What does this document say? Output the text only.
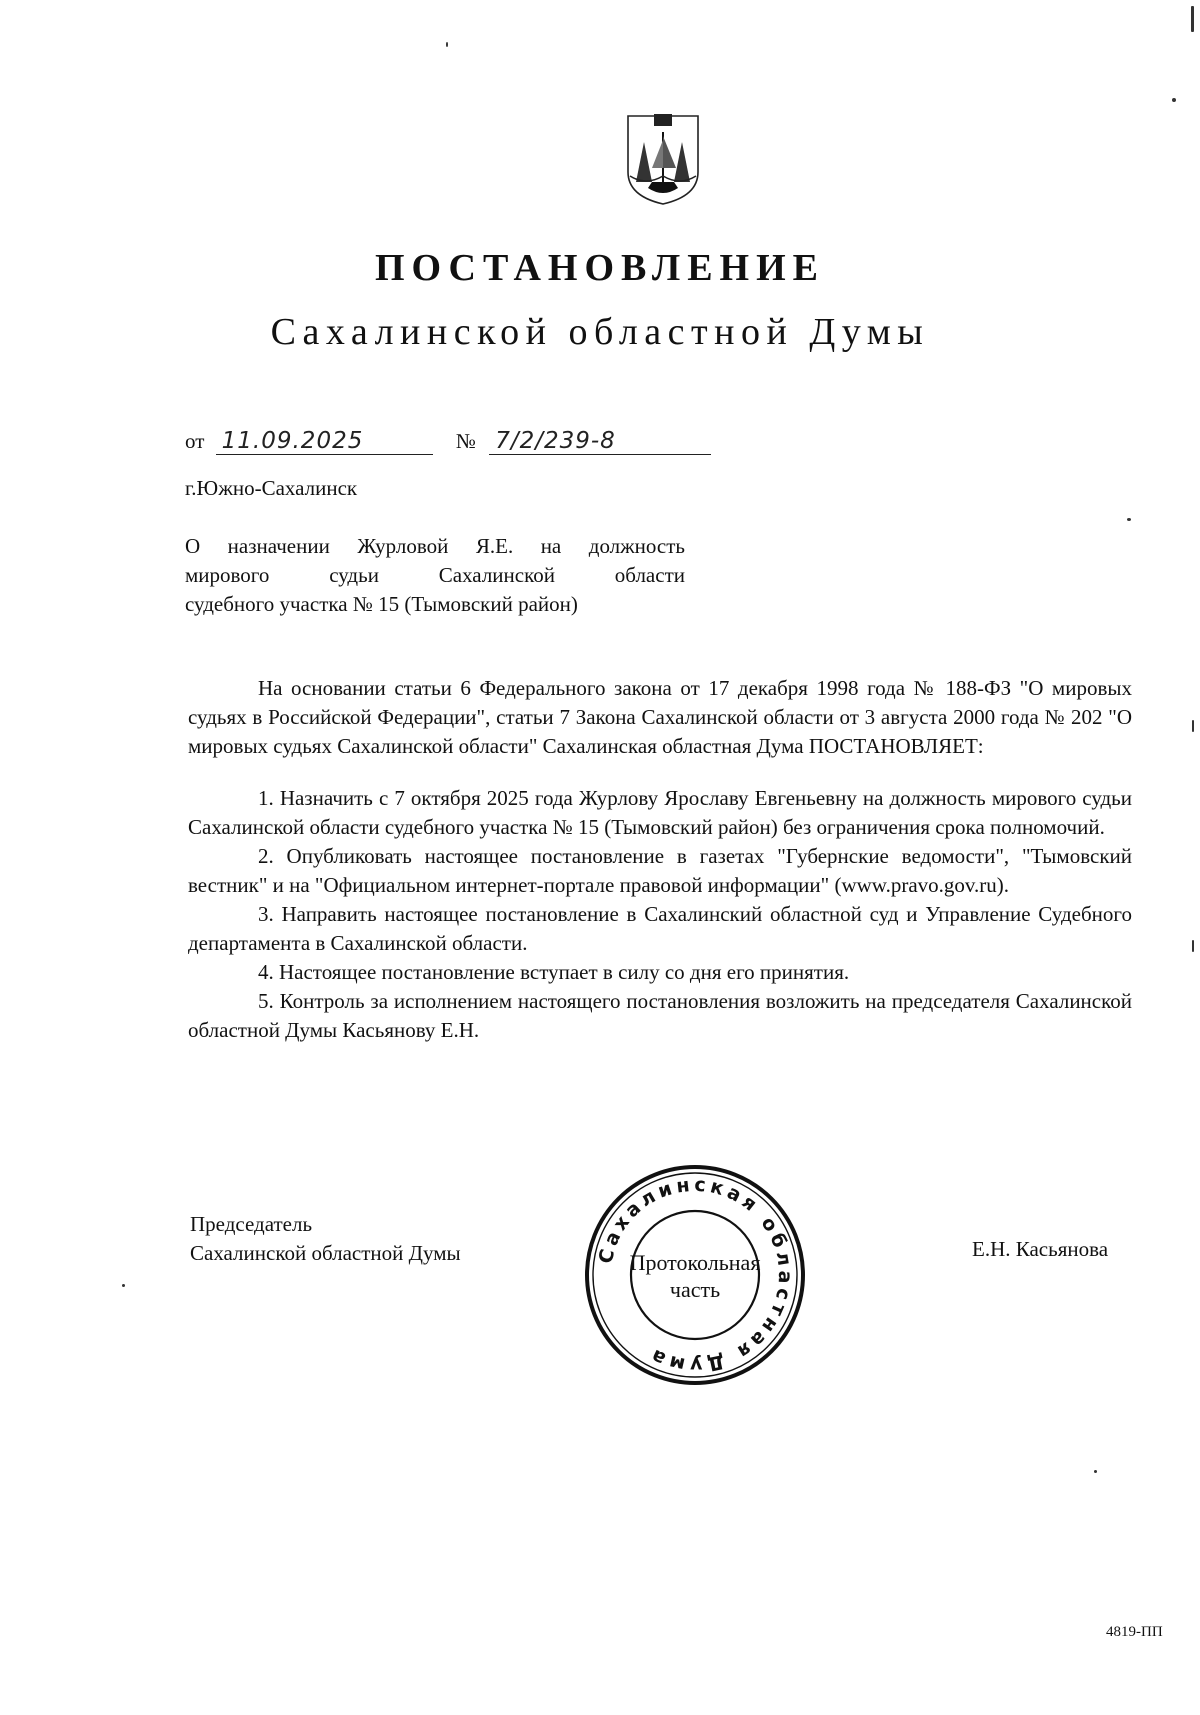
ПОСТАНОВЛЕНИЕ
Сахалинской областной Думы
от 11.09.2025	№ 7/2/239-8
г.Южно-Сахалинск
О назначении Журловой Я.Е. на должность
мирового судьи Сахалинской области
судебного участка № 15 (Тымовский район)

На основании статьи 6 Федерального закона от 17 декабря 1998 года № 188-ФЗ "О мировых судьях в Российской Федерации", статьи 7 Закона Сахалинской области от 3 августа 2000 года № 202 "О мировых судьях Сахалинской области" Сахалинская областная Дума ПОСТАНОВЛЯЕТ:

1. Назначить с 7 октября 2025 года Журлову Ярославу Евгеньевну на должность мирового судьи Сахалинской области судебного участка № 15 (Тымовский район) без ограничения срока полномочий.

2. Опубликовать настоящее постановление в газетах "Губернские ведомости", "Тымовский вестник" и на "Официальном интернет-портале правовой информации" (www.pravo.gov.ru).

3. Направить настоящее постановление в Сахалинский областной суд и Управление Судебного департамента в Сахалинской области.

4. Настоящее постановление вступает в силу со дня его принятия.

5. Контроль за исполнением настоящего постановления возложить на председателя Сахалинской областной Думы Касьянову Е.Н.

Председатель
Сахалинской областной Думы	Сахалинская областная Дума
Протокольная
часть
Е.Н. Касьянова
4819-ПП
